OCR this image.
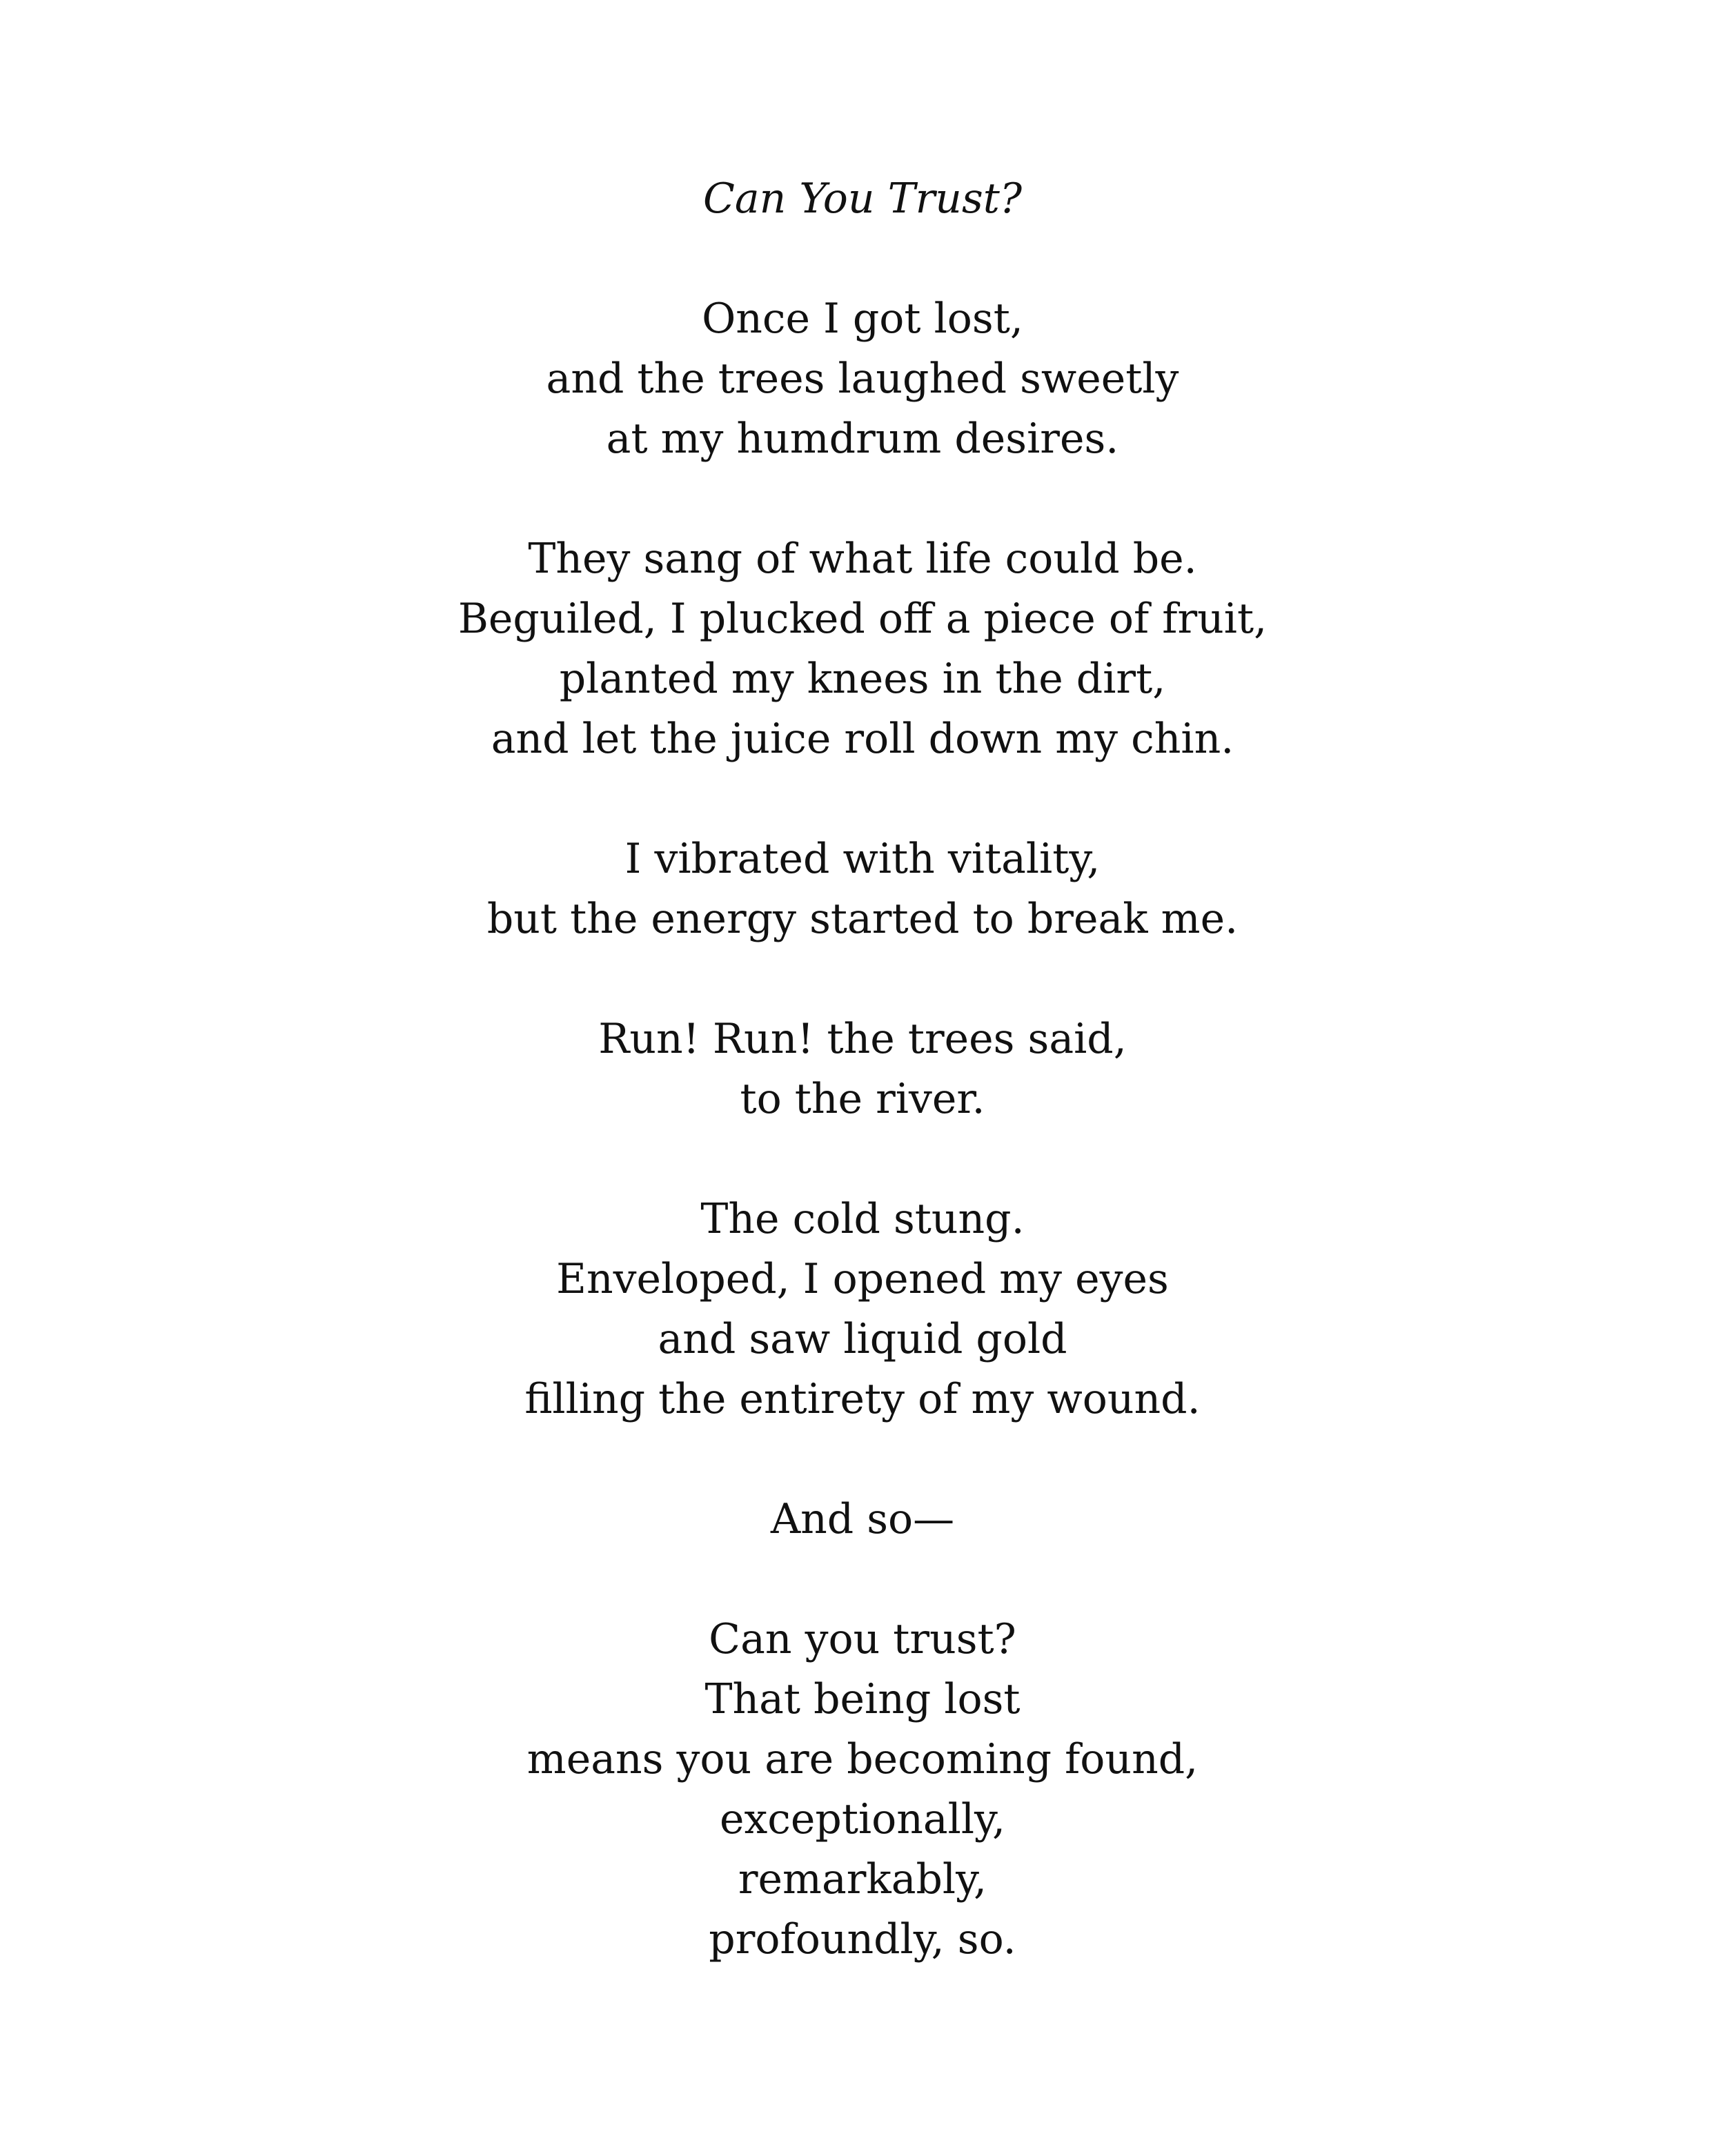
Can You Trust?
Once I got lost,
and the trees laughed sweetly
at my humdrum desires.
They sang of what life could be.
Beguiled, I plucked off a piece of fruit,
planted my knees in the dirt,
and let the juice roll down my chin.
I vibrated with vitality,
but the energy started to break me.
Run! Run! the trees said,
to the river.
The cold stung.
Enveloped, I opened my eyes
and saw liquid gold
filling the entirety of my wound.
And so—
Can you trust?
That being lost
means you are becoming found,
exceptionally,
remarkably,
profoundly, so.
